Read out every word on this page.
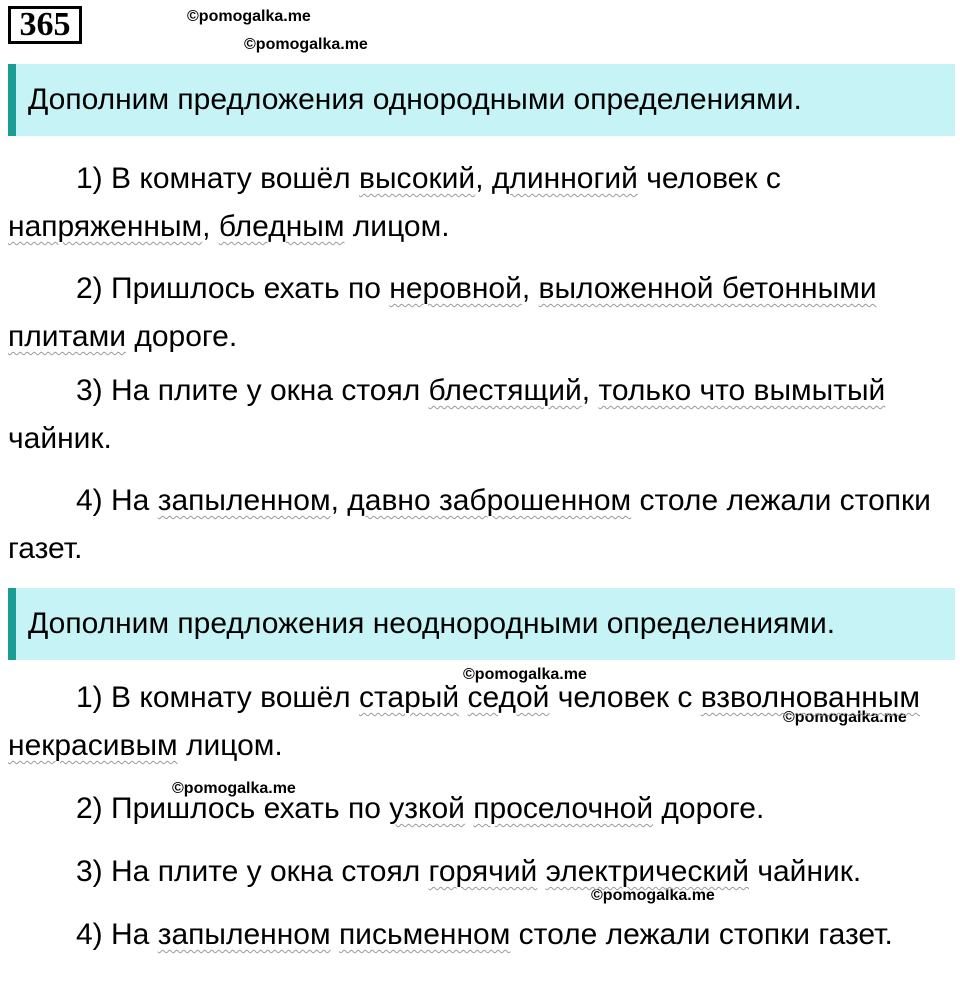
365	©pomogalka.me
©pomogalka.me
Дополним предложения однородными определениями.

1) В комнату вошёл высокий, длинногий человек с напряженным, бледным лицом.

2) Пришлось ехать по неровной, выложенной бетонными плитами дороге.

3) На плите у окна стоял блестящий, только что вымытый чайник.

4) На запыленном, давно заброшенном столе лежали стопки газет.

Дополним предложения неоднородными определениями.
©pomogalka.me
©pomogalka.me
©pomogalka.me
©pomogalka.me

1) В комнату вошёл старый седой человек с взволнованным некрасивым лицом.

2) Пришлось ехать по узкой проселочной дороге.

3) На плите у окна стоял горячий электрический чайник.

4) На запыленном письменном столе лежали стопки газет.
